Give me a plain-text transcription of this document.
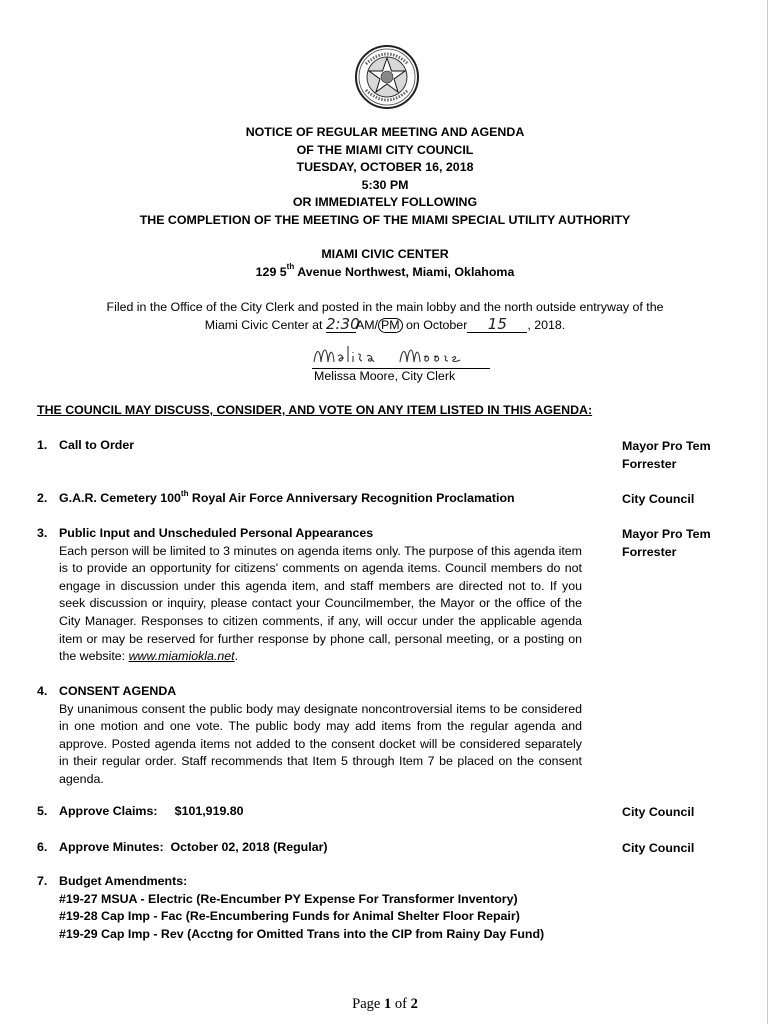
NOTICE OF REGULAR MEETING AND AGENDA
OF THE MIAMI CITY COUNCIL
TUESDAY, OCTOBER 16, 2018
5:30 PM
OR IMMEDIATELY FOLLOWING
THE COMPLETION OF THE MEETING OF THE MIAMI SPECIAL UTILITY AUTHORITY
MIAMI CIVIC CENTER
129 5th Avenue Northwest, Miami, Oklahoma
Filed in the Office of the City Clerk and posted in the main lobby and the north outside entryway of the
Miami Civic Center at 2:30AM/ PM on October 15 , 2018.
Melissa Moore, City Clerk
THE COUNCIL MAY DISCUSS, CONSIDER, AND VOTE ON ANY ITEM LISTED IN THIS AGENDA:
1. Call to Order	Mayor Pro Tem
Forrester
2. G.A.R. Cemetery 100th Royal Air Force Anniversary Recognition Proclamation	City Council
3. Public Input and Unscheduled Personal Appearances
Each person will be limited to 3 minutes on agenda items only. The purpose of this agenda item is to provide an opportunity for citizens' comments on agenda items. Council members do not engage in discussion under this agenda item, and staff members are directed not to. If you seek discussion or inquiry, please contact your Councilmember, the Mayor or the office of the City Manager. Responses to citizen comments, if any, will occur under the applicable agenda item or may be reserved for further response by phone call, personal meeting, or a posting on the website: www.miamiokla.net.
Mayor Pro Tem
Forrester
4. CONSENT AGENDA
By unanimous consent the public body may designate noncontroversial items to be considered in one motion and one vote. The public body may add items from the regular agenda and approve. Posted agenda items not added to the consent docket will be considered separately in their regular order. Staff recommends that Item 5 through Item 7 be placed on the consent agenda.
5. Approve Claims:     $101,919.80	City Council
6. Approve Minutes:  October 02, 2018 (Regular)	City Council
7. Budget Amendments:
#19-27 MSUA - Electric (Re-Encumber PY Expense For Transformer Inventory)
#19-28 Cap Imp - Fac (Re-Encumbering Funds for Animal Shelter Floor Repair)
#19-29 Cap Imp - Rev (Acctng for Omitted Trans into the CIP from Rainy Day Fund)
Page 1 of 2
